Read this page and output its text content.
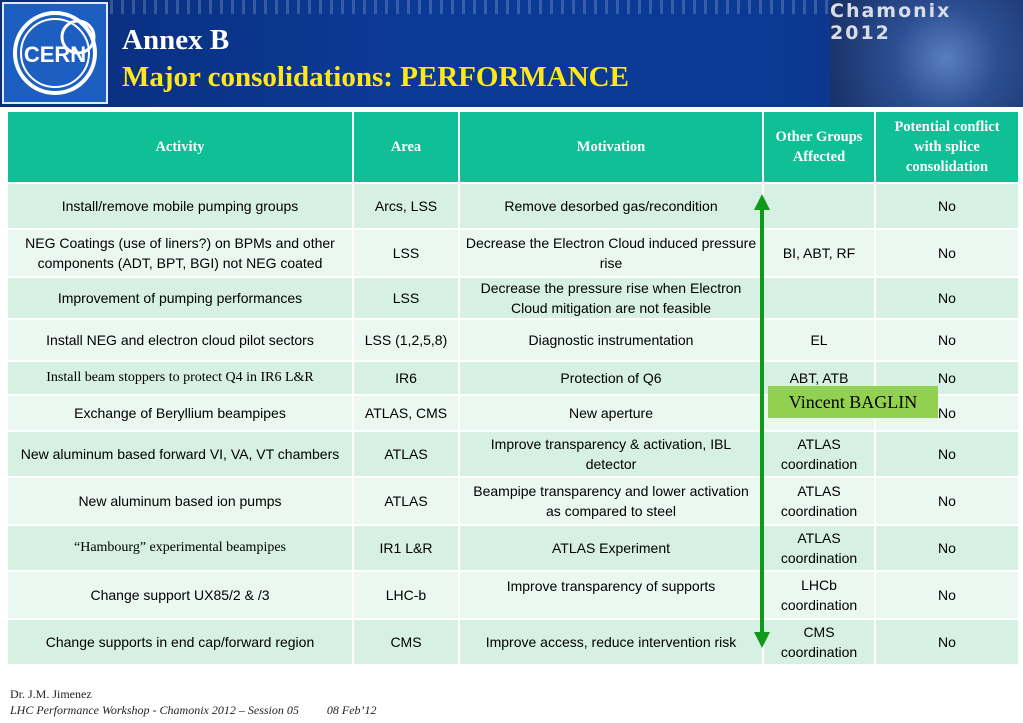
CERN Annex B
Major consolidations: PERFORMANCE
Chamonix 2012
Activity	Area	Motivation	Other Groups Affected	Potential conflict with splice consolidation
Install/remove mobile pumping groups	Arcs, LSS	Remove desorbed gas/recondition		No
NEG Coatings (use of liners?) on BPMs and other components (ADT, BPT, BGI) not NEG coated	LSS	Decrease the Electron Cloud induced pressure rise	BI, ABT, RF	No
Improvement of pumping performances	LSS	Decrease the pressure rise when Electron Cloud mitigation are not feasible		No
Install NEG and electron cloud pilot sectors	LSS (1,2,5,8)	Diagnostic instrumentation	EL	No
Install beam stoppers to protect Q4 in IR6 L&R	IR6	Protection of Q6	ABT, ATB	No
Exchange of Beryllium beampipes	ATLAS, CMS	New aperture		No
New aluminum based forward VI, VA, VT chambers	ATLAS	Improve transparency & activation, IBL detector	ATLAS coordination	No
New aluminum based ion pumps	ATLAS	Beampipe transparency and lower activation as compared to steel	ATLAS coordination	No
“Hambourg” experimental beampipes	IR1 L&R	ATLAS Experiment	ATLAS coordination	No
Change support UX85/2 & /3	LHC-b	Improve transparency of supports	LHCb coordination	No
Change supports in end cap/forward region	CMS	Improve access, reduce intervention risk	CMS coordination	No
Vincent BAGLIN
Dr. J.M. Jimenez
LHC Performance Workshop - Chamonix 2012 – Session 05 08 Feb’12
